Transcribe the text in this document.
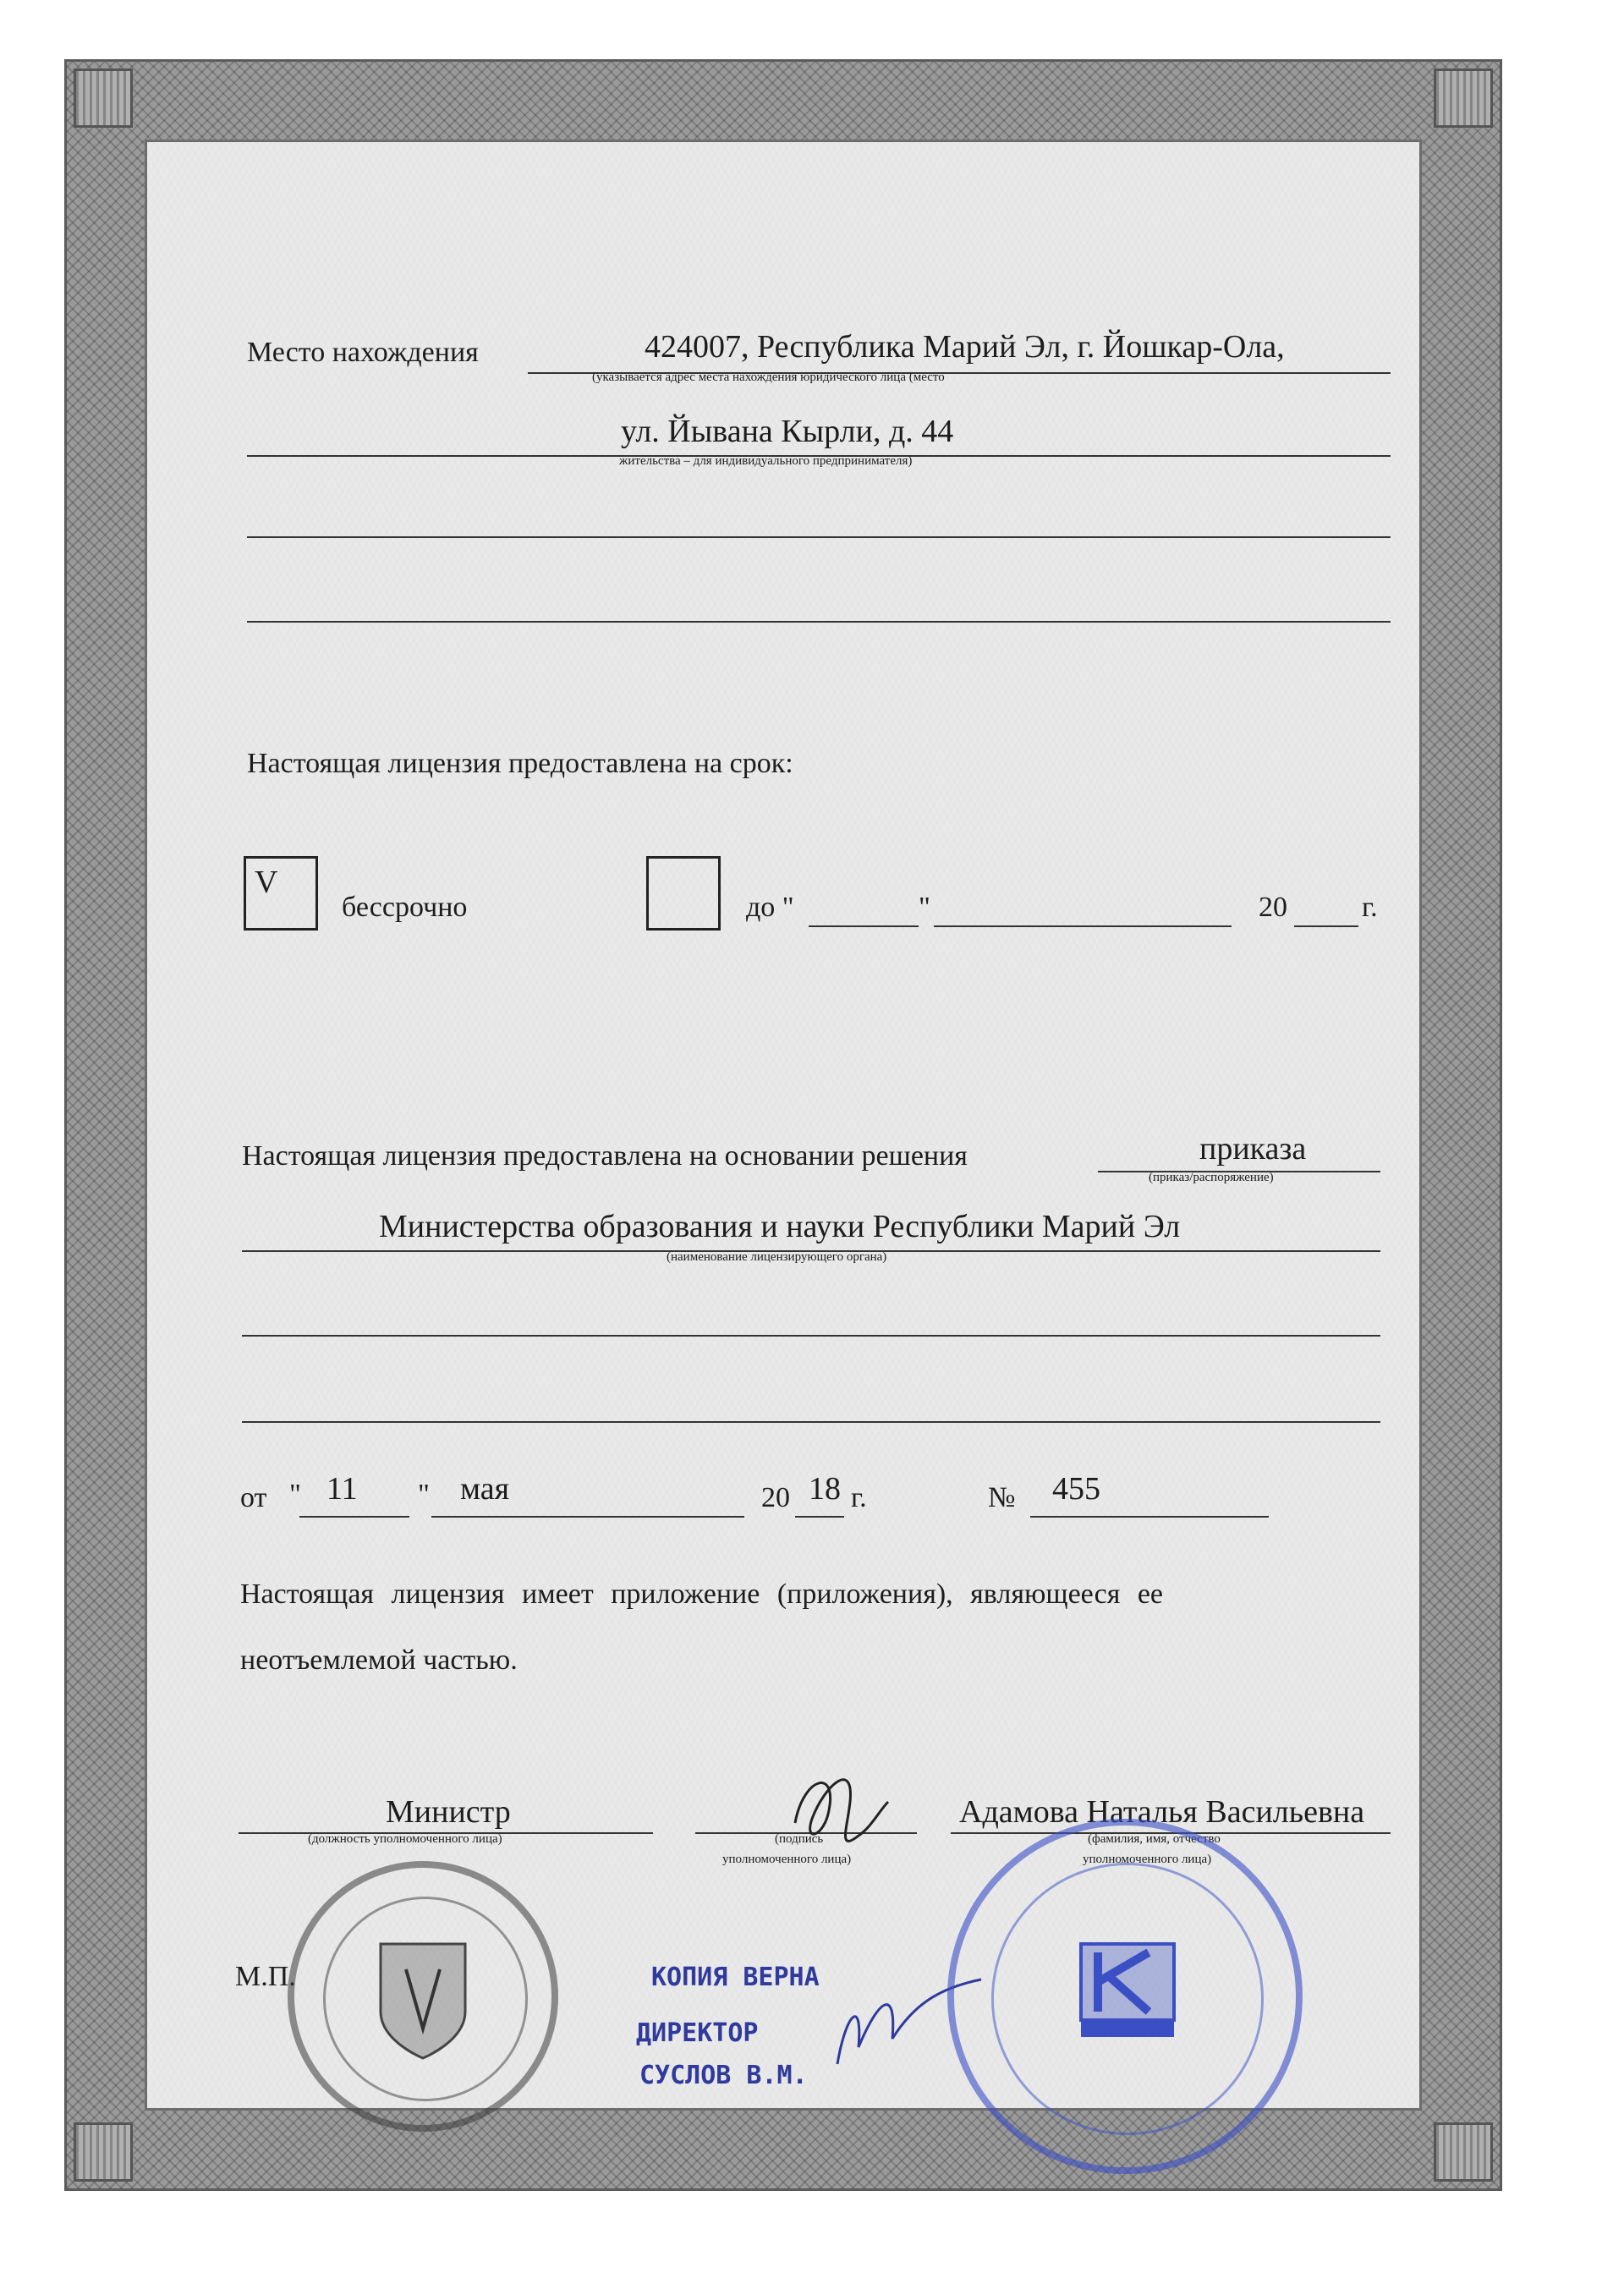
Место нахождения	424007, Республика Марий Эл, г. Йошкар-Ола,
(указывается адрес места нахождения юридического лица (место
ул. Йывана Кырли, д. 44
жительства – для индивидуального предпринимателя)
Настоящая лицензия предоставлена на срок:
V
бессрочно	до "	"	20	г.
Настоящая лицензия предоставлена на основании решения	приказа
(приказ/распоряжение)
Министерства образования и науки Республики Марий Эл
(наименование лицензирующего органа)
от " 11 " мая	20 18 г.	№ 455
Настоящая лицензия имеет приложение (приложения), являющееся ее
неотъемлемой частью.
Министр
(должность уполномоченного лица)	(подпись
уполномоченного лица)
Адамова Наталья Васильевна
(фамилия, имя, отчество
уполномоченного лица)
М.П.	КОПИЯ ВЕРНА
ДИРЕКТОР
СУСЛОВ В.М.
